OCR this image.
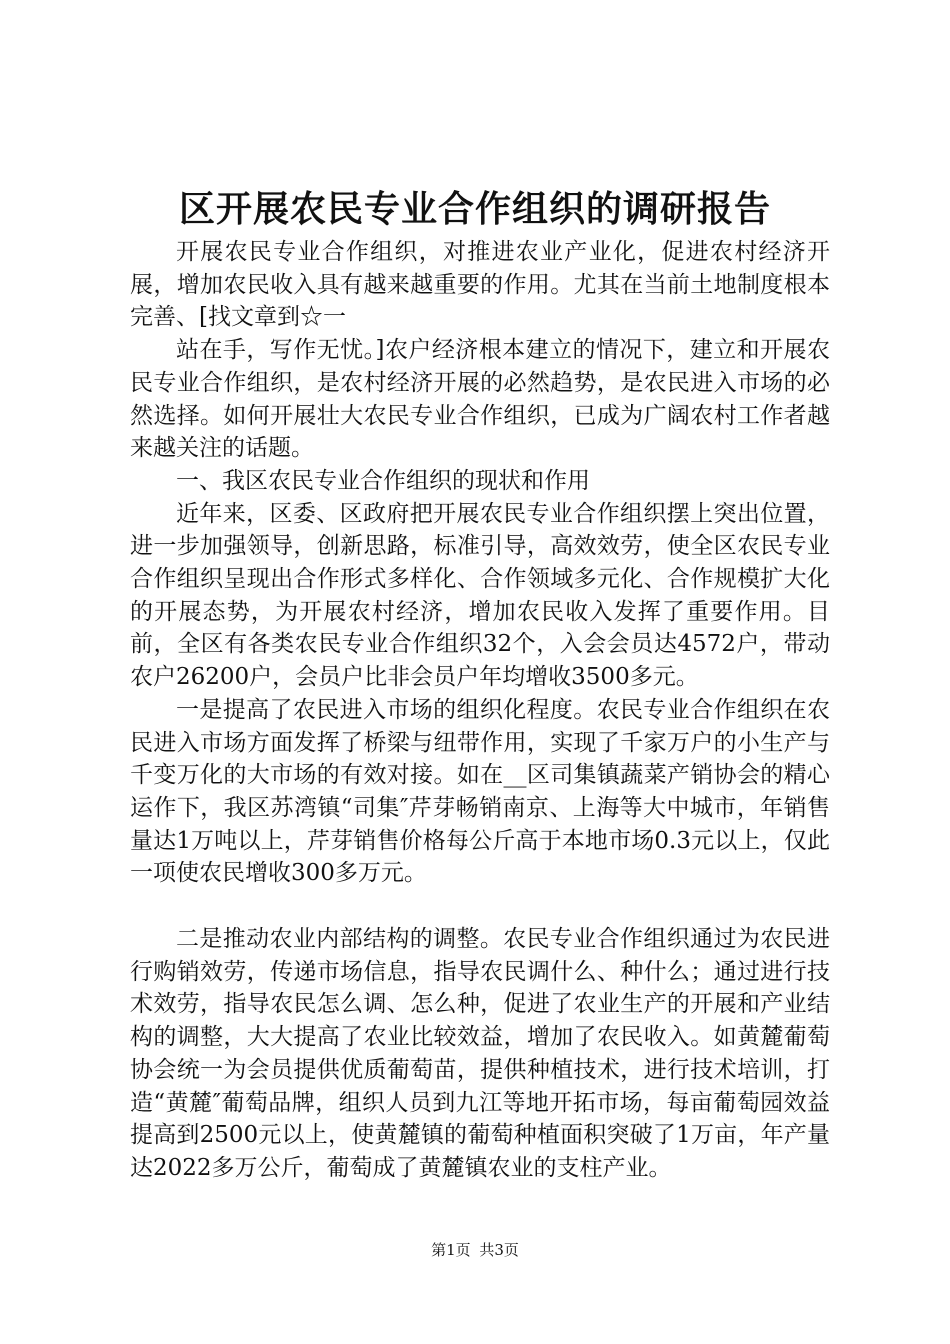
区开展农民专业合作组织的调研报告

开展农民专业合作组织，对推进农业产业化，促进农村经济开展，增加农民收入具有越来越重要的作用。尤其在当前土地制度根本完善、[找文章到☆一

站在手，写作无忧。]农户经济根本建立的情况下，建立和开展农民专业合作组织，是农村经济开展的必然趋势，是农民进入市场的必然选择。如何开展壮大农民专业合作组织，已成为广阔农村工作者越来越关注的话题。

一、我区农民专业合作组织的现状和作用

近年来，区委、区政府把开展农民专业合作组织摆上突出位置，进一步加强领导，创新思路，标准引导，高效效劳，使全区农民专业合作组织呈现出合作形式多样化、合作领域多元化、合作规模扩大化的开展态势，为开展农村经济，增加农民收入发挥了重要作用。目前，全区有各类农民专业合作组织32个，入会会员达4572户，带动农户26200户，会员户比非会员户年均增收3500多元。

一是提高了农民进入市场的组织化程度。农民专业合作组织在农民进入市场方面发挥了桥梁与纽带作用，实现了千家万户的小生产与千变万化的大市场的有效对接。如在__区司集镇蔬菜产销协会的精心运作下，我区苏湾镇“司集″芹芽畅销南京、上海等大中城市，年销售量达1万吨以上，芹芽销售价格每公斤高于本地市场0.3元以上，仅此一项使农民增收300多万元。

二是推动农业内部结构的调整。农民专业合作组织通过为农民进行购销效劳，传递市场信息，指导农民调什么、种什么；通过进行技术效劳，指导农民怎么调、怎么种，促进了农业生产的开展和产业结构的调整，大大提高了农业比较效益，增加了农民收入。如黄麓葡萄协会统一为会员提供优质葡萄苗，提供种植技术，进行技术培训，打造“黄麓″葡萄品牌，组织人员到九江等地开拓市场，每亩葡萄园效益提高到2500元以上，使黄麓镇的葡萄种植面积突破了1万亩，年产量达2022多万公斤，葡萄成了黄麓镇农业的支柱产业。

第1页 共3页
